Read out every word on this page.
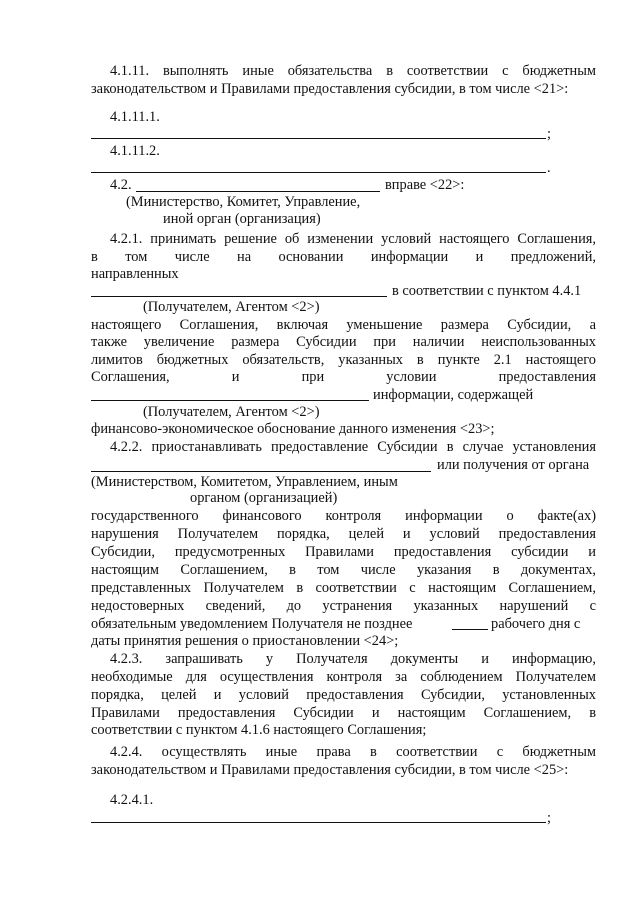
4.1.11. выполнять иные обязательства в соответствии с бюджетным
законодательством и Правилами предоставления субсидии, в том числе <21>:
4.1.11.1.
;
4.1.11.2.
.
4.2.	вправе <22>:
(Министерство, Комитет, Управление,
иной орган (организация)
4.2.1. принимать решение об изменении условий настоящего Соглашения,
в том числе на основании информации и предложений,
направленных
в соответствии с пунктом 4.4.1
(Получателем, Агентом <2>)
настоящего Соглашения, включая уменьшение размера Субсидии, а
также увеличение размера Субсидии при наличии неиспользованных
лимитов бюджетных обязательств, указанных в пункте 2.1 настоящего
Соглашения, и при условии предоставления
информации, содержащей
(Получателем, Агентом <2>)
финансово-экономическое обоснование данного изменения <23>;
4.2.2. приостанавливать предоставление Субсидии в случае установления
или получения от органа
(Министерством, Комитетом, Управлением, иным
органом (организацией)
государственного финансового контроля информации о факте(ах)
нарушения Получателем порядка, целей и условий предоставления
Субсидии, предусмотренных Правилами предоставления субсидии и
настоящим Соглашением, в том числе указания в документах,
представленных Получателем в соответствии с настоящим Соглашением,
недостоверных сведений, до устранения указанных нарушений с
обязательным уведомлением Получателя не позднее	рабочего дня с
даты принятия решения о приостановлении <24>;
4.2.3. запрашивать у Получателя документы и информацию,
необходимые для осуществления контроля за соблюдением Получателем
порядка, целей и условий предоставления Субсидии, установленных
Правилами предоставления Субсидии и настоящим Соглашением, в
соответствии с пунктом 4.1.6 настоящего Соглашения;
4.2.4. осуществлять иные права в соответствии с бюджетным
законодательством и Правилами предоставления субсидии, в том числе <25>:
4.2.4.1.
;
